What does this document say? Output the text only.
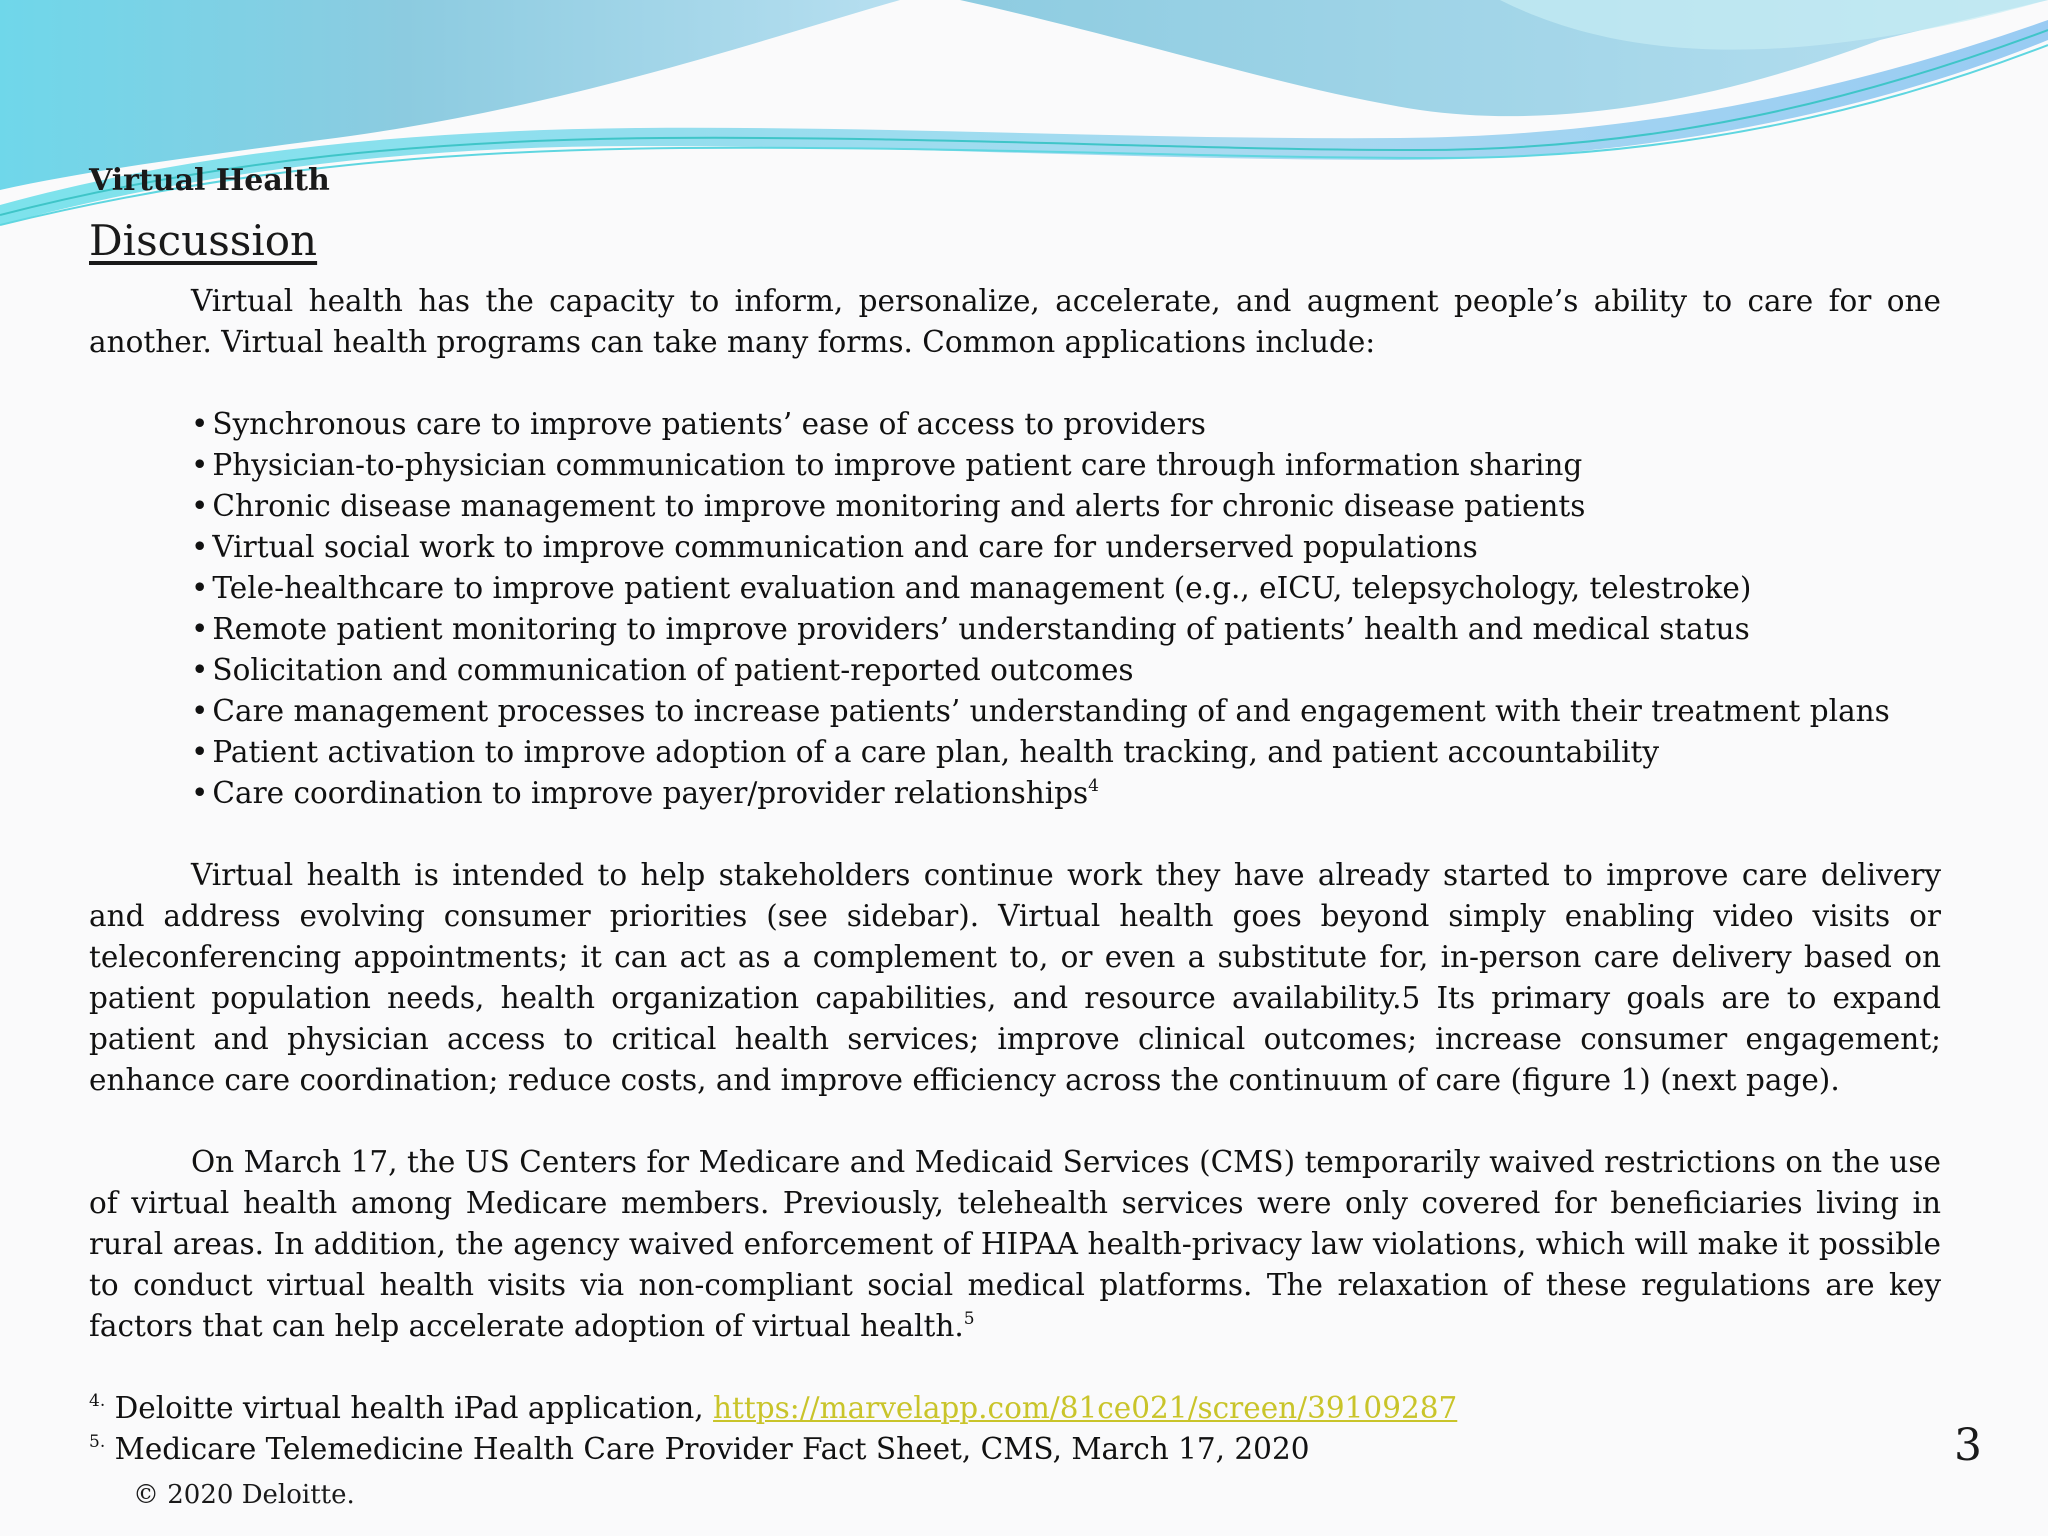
Virtual Health
Discussion

Virtual health has the capacity to inform, personalize, accelerate, and augment people’s ability to care for one another. Virtual health programs can take many forms. Common applications include:

• Synchronous care to improve patients’ ease of access to providers
• Physician-to-physician communication to improve patient care through information sharing
• Chronic disease management to improve monitoring and alerts for chronic disease patients
• Virtual social work to improve communication and care for underserved populations
• Tele-healthcare to improve patient evaluation and management (e.g., eICU, telepsychology, telestroke)
• Remote patient monitoring to improve providers’ understanding of patients’ health and medical status
• Solicitation and communication of patient-reported outcomes
• Care management processes to increase patients’ understanding of and engagement with their treatment plans
• Patient activation to improve adoption of a care plan, health tracking, and patient accountability
• Care coordination to improve payer/provider relationships$^4$

Virtual health is intended to help stakeholders continue work they have already started to improve care delivery and address evolving consumer priorities (see sidebar). Virtual health goes beyond simply enabling video visits or teleconferencing appointments; it can act as a complement to, or even a substitute for, in-person care delivery based on patient population needs, health organization capabilities, and resource availability.5 Its primary goals are to expand patient and physician access to critical health services; improve clinical outcomes; increase consumer engagement; enhance care coordination; reduce costs, and improve efficiency across the continuum of care (figure 1) (next page).

On March 17, the US Centers for Medicare and Medicaid Services (CMS) temporarily waived restrictions on the use of virtual health among Medicare members. Previously, telehealth services were only covered for beneficiaries living in rural areas. In addition, the agency waived enforcement of HIPAA health-privacy law violations, which will make it possible to conduct virtual health visits via non-compliant social medical platforms. The relaxation of these regulations are key factors that can help accelerate adoption of virtual health.$^5$

$^{4.}$ Deloitte virtual health iPad application, https://marvelapp.com/81ce021/screen/39109287
$^{5.}$ Medicare Telemedicine Health Care Provider Fact Sheet, CMS, March 17, 2020	3
© 2020 Deloitte.
